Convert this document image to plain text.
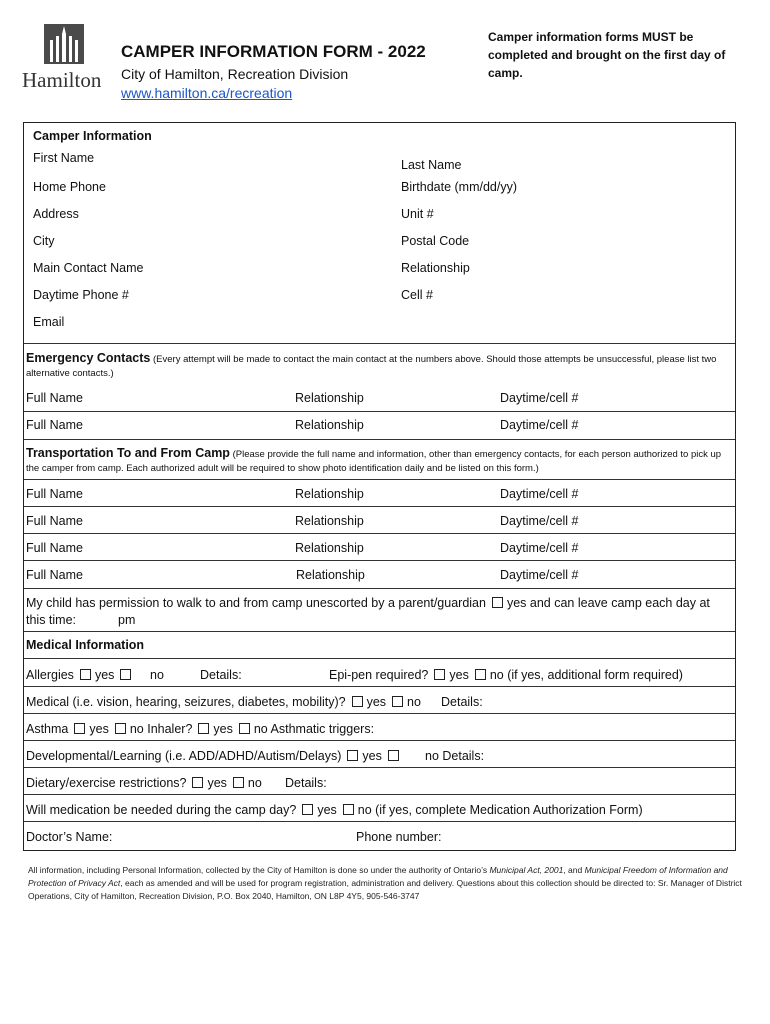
Hamilton
CAMPER INFORMATION FORM - 2022
City of Hamilton, Recreation Division
www.hamilton.ca/recreation
Camper information forms MUST be completed and brought on the first day of camp.
Camper Information
First Name	Last Name
Home Phone	Birthdate (mm/dd/yy)
Address	Unit #
City	Postal Code
Main Contact Name	Relationship
Daytime Phone #	Cell #
Email
Emergency Contacts (Every attempt will be made to contact the main contact at the numbers above. Should those attempts be unsuccessful, please list two alternative contacts.)
Full Name	Relationship	Daytime/cell #
Full Name	Relationship	Daytime/cell #
Transportation To and From Camp (Please provide the full name and information, other than emergency contacts, for each person authorized to pick up the camper from camp. Each authorized adult will be required to show photo identification daily and be listed on this form.)
Full Name	Relationship	Daytime/cell #
Full Name	Relationship	Daytime/cell #
Full Name	Relationship	Daytime/cell #
Full Name	Relationship	Daytime/cell #
My child has permission to walk to and from camp unescorted by a parent/guardian yes and can leave camp each day at
this time:	pm
Medical Information
Allergies yes	no	Details:	Epi-pen required? yes no (if yes, additional form required)
Medical (i.e. vision, hearing, seizures, diabetes, mobility)? yes no Details:
Asthma yes no Inhaler? yes no Asthmatic triggers:
Developmental/Learning (i.e. ADD/ADHD/Autism/Delays) yes	no Details:
Dietary/exercise restrictions? yes no Details:
Will medication be needed during the camp day? yes no (if yes, complete Medication Authorization Form)
Doctor’s Name:	Phone number:
All information, including Personal Information, collected by the City of Hamilton is done so under the authority of Ontario’s Municipal Act, 2001, and Municipal Freedom of Information and Protection of Privacy Act, each as amended and will be used for program registration, administration and delivery. Questions about this collection should be directed to: Sr. Manager of District Operations, City of Hamilton, Recreation Division, P.O. Box 2040, Hamilton, ON L8P 4Y5, 905-546-3747
